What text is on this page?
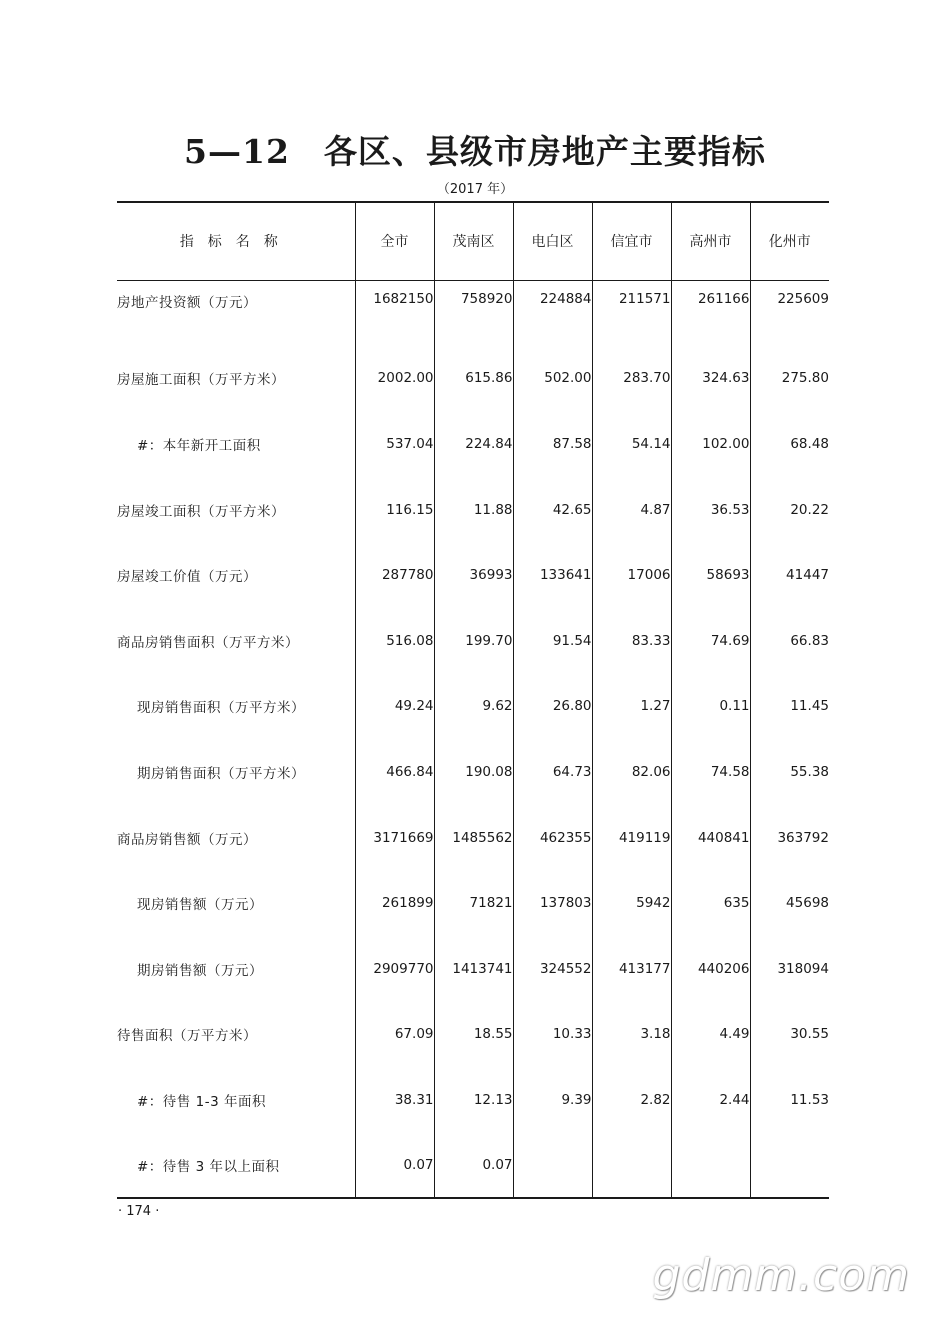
5—12　各区、县级市房地产主要指标
（2017 年）
指标名称	全市	茂南区	电白区	信宜市	高州市	化州市
房地产投资额（万元）	1682150	758920	224884	211571	261166	225609
房屋施工面积（万平方米）	2002.00	615.86	502.00	283.70	324.63	275.80
#：本年新开工面积	537.04	224.84	87.58	54.14	102.00	68.48
房屋竣工面积（万平方米）	116.15	11.88	42.65	4.87	36.53	20.22
房屋竣工价值（万元）	287780	36993	133641	17006	58693	41447
商品房销售面积（万平方米）	516.08	199.70	91.54	83.33	74.69	66.83
现房销售面积（万平方米）	49.24	9.62	26.80	1.27	0.11	11.45
期房销售面积（万平方米）	466.84	190.08	64.73	82.06	74.58	55.38
商品房销售额（万元）	3171669	1485562	462355	419119	440841	363792
现房销售额（万元）	261899	71821	137803	5942	635	45698
期房销售额（万元）	2909770	1413741	324552	413177	440206	318094
待售面积（万平方米）	67.09	18.55	10.33	3.18	4.49	30.55
#：待售 1-3 年面积	38.31	12.13	9.39	2.82	2.44	11.53
#：待售 3 年以上面积	0.07	0.07				
· 174 ·
gdmm.com
